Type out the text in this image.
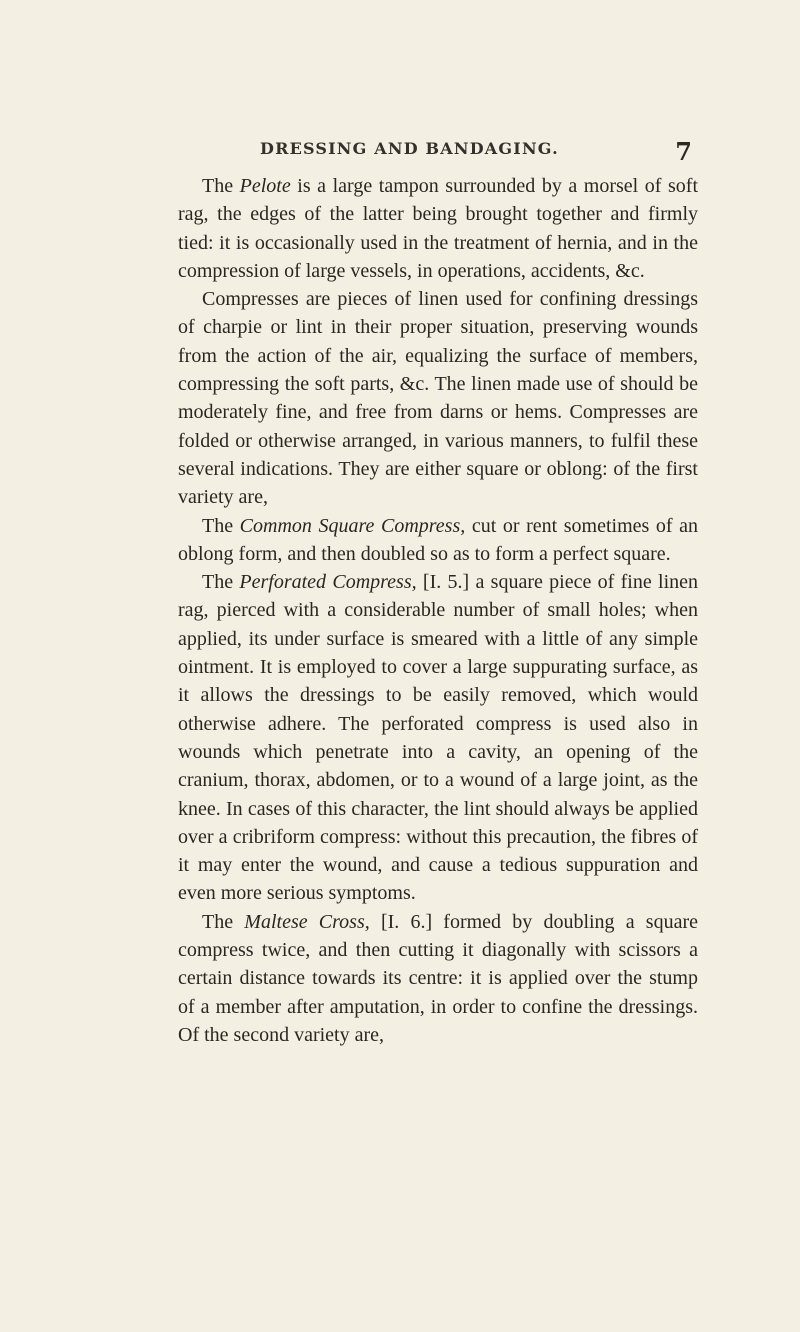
DRESSING AND BANDAGING.	7

The Pelote is a large tampon surrounded by a morsel of soft rag, the edges of the latter being brought together and firmly tied: it is occasionally used in the treatment of hernia, and in the compression of large vessels, in operations, accidents, &c.

Compresses are pieces of linen used for confining dressings of charpie or lint in their proper situation, preserving wounds from the action of the air, equalizing the surface of members, compressing the soft parts, &c. The linen made use of should be moderately fine, and free from darns or hems. Compresses are folded or otherwise arranged, in various manners, to fulfil these several indications. They are either square or oblong: of the first variety are,

The Common Square Compress, cut or rent sometimes of an oblong form, and then doubled so as to form a perfect square.

The Perforated Compress, [I. 5.] a square piece of fine linen rag, pierced with a considerable number of small holes; when applied, its under surface is smeared with a little of any simple ointment. It is employed to cover a large suppurating surface, as it allows the dressings to be easily removed, which would otherwise adhere. The perforated compress is used also in wounds which penetrate into a cavity, an opening of the cranium, thorax, abdomen, or to a wound of a large joint, as the knee. In cases of this character, the lint should always be applied over a cribriform compress: without this precaution, the fibres of it may enter the wound, and cause a tedious suppuration and even more serious symptoms.

The Maltese Cross, [I. 6.] formed by doubling a square compress twice, and then cutting it diagonally with scissors a certain distance towards its centre: it is applied over the stump of a member after amputation, in order to confine the dressings. Of the second variety are,
